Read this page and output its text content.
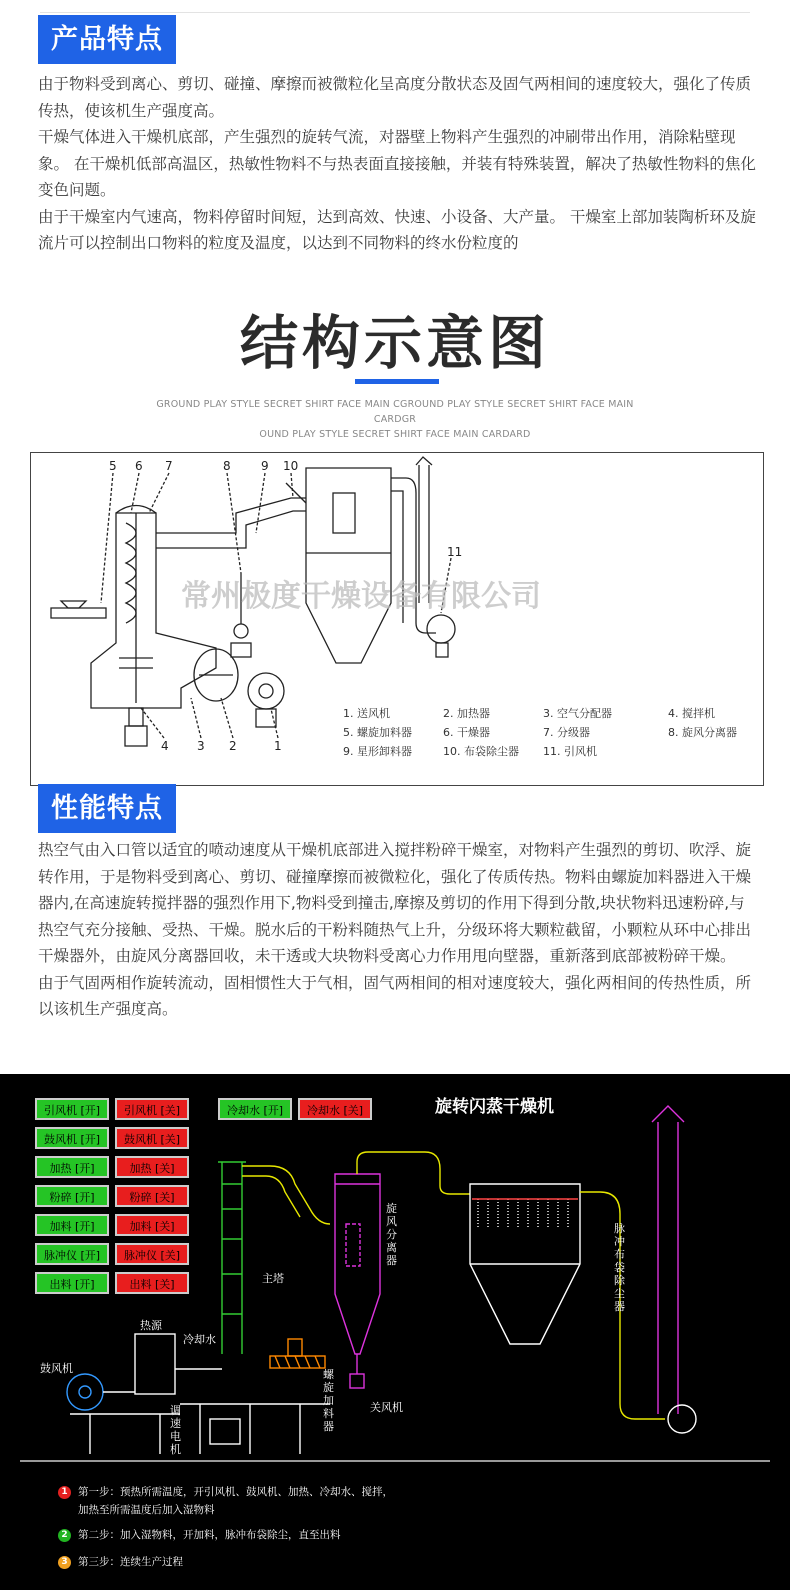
产品特点

由于物料受到离心、剪切、碰撞、摩擦而被微粒化呈高度分散状态及固气两相间的速度较大，强化了传质传热，使该机生产强度高。

干燥气体进入干燥机底部，产生强烈的旋转气流，对器壁上物料产生强烈的冲刷带出作用，消除粘壁现象。 在干燥机低部高温区，热敏性物料不与热表面直接接触，并装有特殊装置，解决了热敏性物料的焦化变色问题。

由于干燥室内气速高，物料停留时间短，达到高效、快速、小设备、大产量。 干燥室上部加装陶析环及旋流片可以控制出口物料的粒度及温度，以达到不同物料的终水份粒度的

结构示意图
GROUND PLAY STYLE SECRET SHIRT FACE MAIN CGROUND PLAY STYLE SECRET SHIRT FACE MAIN CARDGR
OUND PLAY STYLE SECRET SHIRT FACE MAIN CARDARD
5 6 7	8	9 10
11
4 3 2	1
常州极度干燥设备有限公司
1. 送风机	2. 加热器	3. 空气分配器	4. 搅拌机
5. 螺旋加料器	6. 干燥器	7. 分级器	8. 旋风分离器
9. 星形卸料器	10. 布袋除尘器 11. 引风机
性能特点

热空气由入口管以适宜的喷动速度从干燥机底部进入搅拌粉碎干燥室，对物料产生强烈的剪切、吹浮、旋转作用，于是物料受到离心、剪切、碰撞摩擦而被微粒化，强化了传质传热。物料由螺旋加料器进入干燥器内,在高速旋转搅拌器的强烈作用下,物料受到撞击,摩擦及剪切的作用下得到分散,块状物料迅速粉碎,与热空气充分接触、受热、干燥。脱水后的干粉料随热气上升，分级环将大颗粒截留，小颗粒从环中心排出干燥器外，由旋风分离器回收，未干透或大块物料受离心力作用甩向壁器，重新落到底部被粉碎干燥。

由于气固两相作旋转流动，固相惯性大于气相，固气两相间的相对速度较大，强化两相间的传热性质，所以该机生产强度高。

旋转闪蒸干燥机
引风机 [开]	引风机 [关]
鼓风机 [开]	鼓风机 [关]
加热 [开]	加热 [关]
粉碎 [开]	粉碎 [关]
加料 [开]	加料 [关]
脉冲仪 [开]	脉冲仪 [关]
出料 [开]	出料 [关]
冷却水 [开]	冷却水 [关]
主塔
热源
鼓风机
冷却水
关风机
旋风分离器
脉冲布袋除尘器
螺旋加料器
调速电机
1 第一步：预热所需温度，开引风机、鼓风机、加热、冷却水、搅拌，
加热至所需温度后加入湿物料
2 第二步：加入湿物料，开加料，脉冲布袋除尘，直至出料
3 第三步：连续生产过程
